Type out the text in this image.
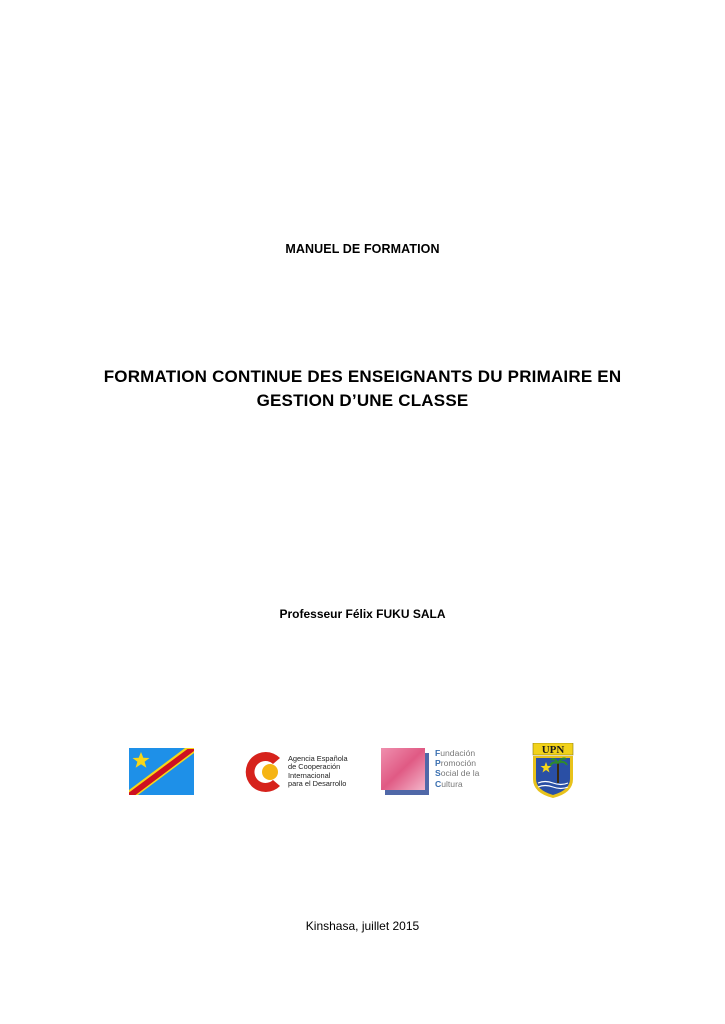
MANUEL DE FORMATION
FORMATION CONTINUE DES ENSEIGNANTS DU PRIMAIRE EN
GESTION D’UNE CLASSE
Professeur Félix FUKU SALA
Agencia Española
de Cooperación
Internacional
para el Desarrollo
Fundación
Promoción
Social de la
Cultura
UPN
Kinshasa, juillet 2015
